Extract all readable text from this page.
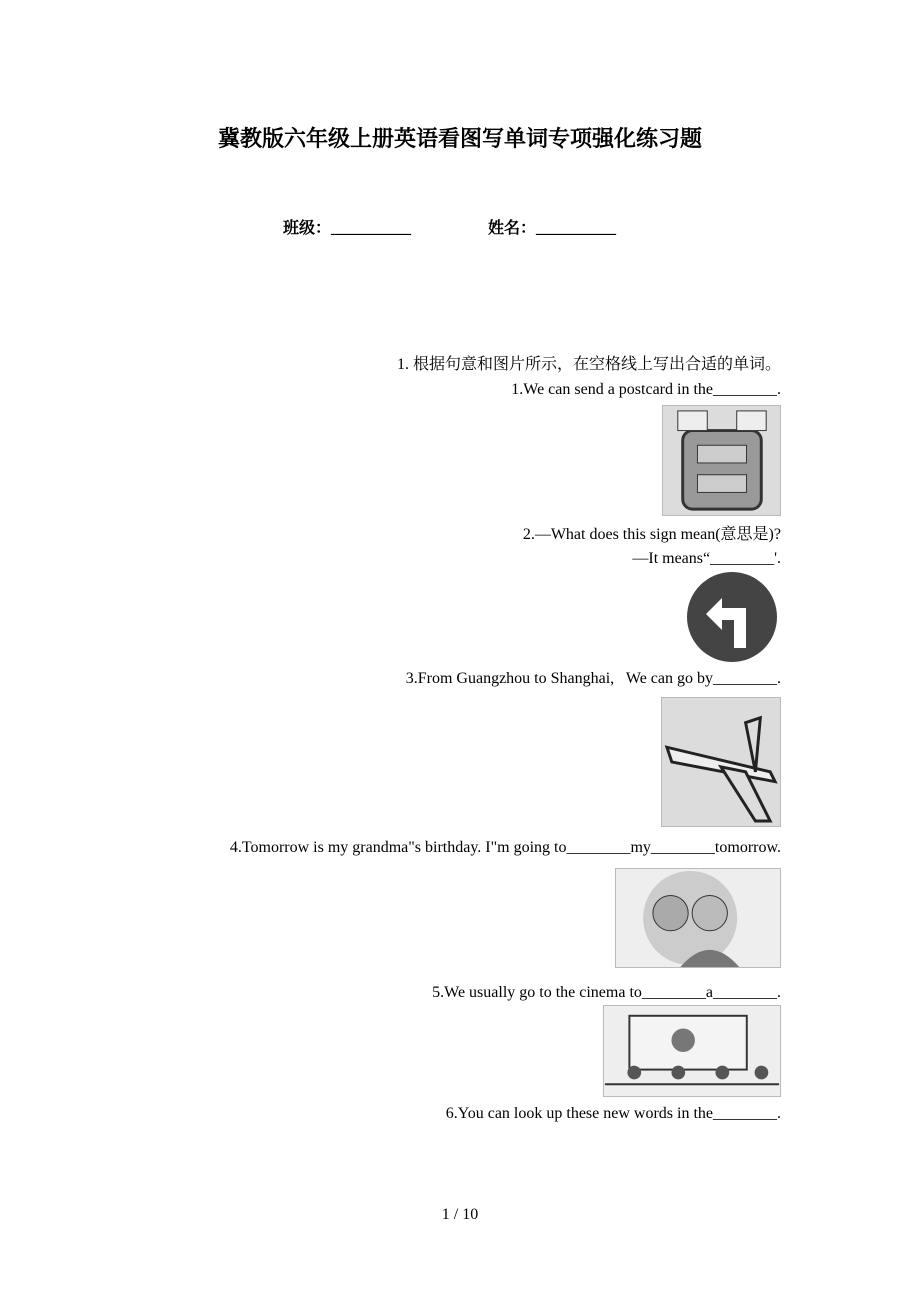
冀教版六年级上册英语看图写单词专项强化练习题
班级：__________	姓名：__________
1. 根据句意和图片所示，在空格线上写出合适的单词。
1.We can send a postcard in the________.
2.—What does this sign mean(意思是)?
—It means“________'.
3.From Guangzhou to Shanghai,   We can go by________.
4.Tomorrow is my grandma"s birthday. I"m going to________my________tomorrow.
5.We usually go to the cinema to________a________.
6.You can look up these new words in the________.
1 / 10
